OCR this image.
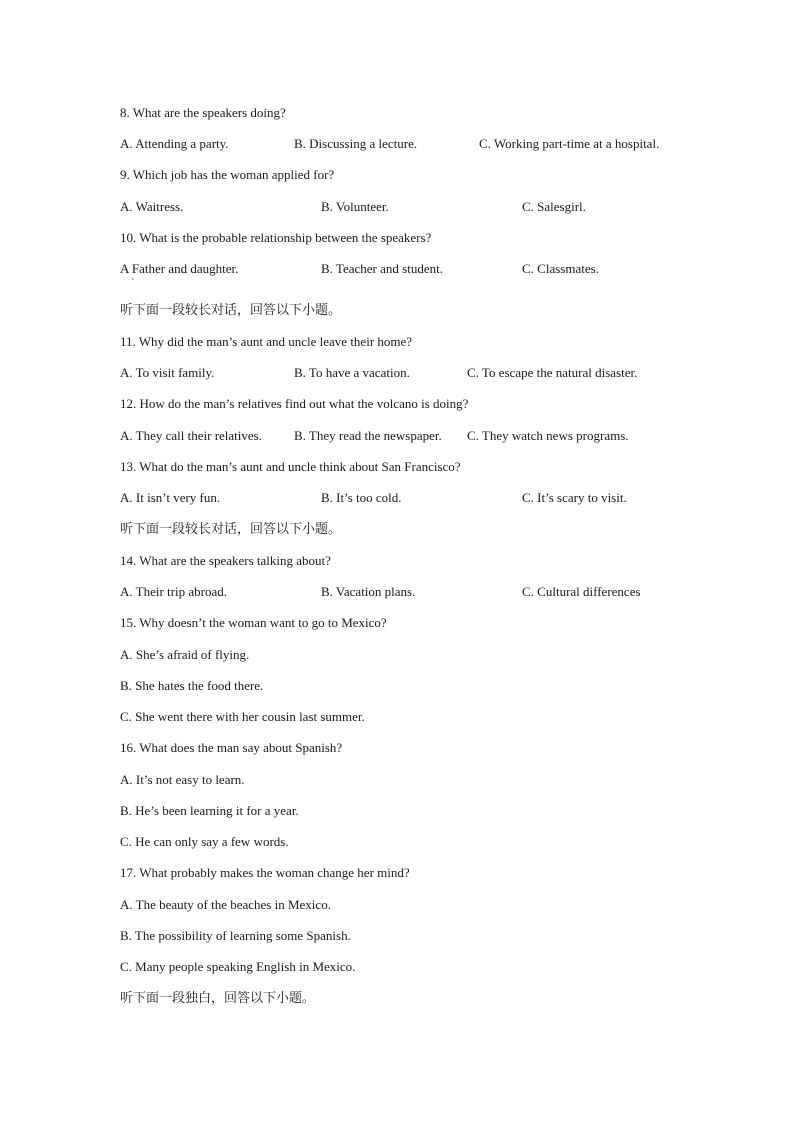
8. What are the speakers doing?
A. Attending a party.	B. Discussing a lecture.	C. Working part-time at a hospital.
9. Which job has the woman applied for?
A. Waitress.	B. Volunteer.	C. Salesgirl.
10. What is the probable relationship between the speakers?
A Father and daughter.	B. Teacher and student.	C. Classmates.
`
听下面一段较长对话，回答以下小题。
11. Why did the man’s aunt and uncle leave their home?
A. To visit family.	B. To have a vacation.	C. To escape the natural disaster.
12. How do the man’s relatives find out what the volcano is doing?
A. They call their relatives. B. They read the newspaper. C. They watch news programs.
13. What do the man’s aunt and uncle think about San Francisco?
A. It isn’t very fun.	B. It’s too cold.	C. It’s scary to visit.
听下面一段较长对话，回答以下小题。
14. What are the speakers talking about?
A. Their trip abroad.	B. Vacation plans.	C. Cultural differences
15. Why doesn’t the woman want to go to Mexico?
A. She’s afraid of flying.
B. She hates the food there.
C. She went there with her cousin last summer.
16. What does the man say about Spanish?
A. It’s not easy to learn.
B. He’s been learning it for a year.
C. He can only say a few words.
17. What probably makes the woman change her mind?
A. The beauty of the beaches in Mexico.
B. The possibility of learning some Spanish.
C. Many people speaking English in Mexico.
听下面一段独白，回答以下小题。
